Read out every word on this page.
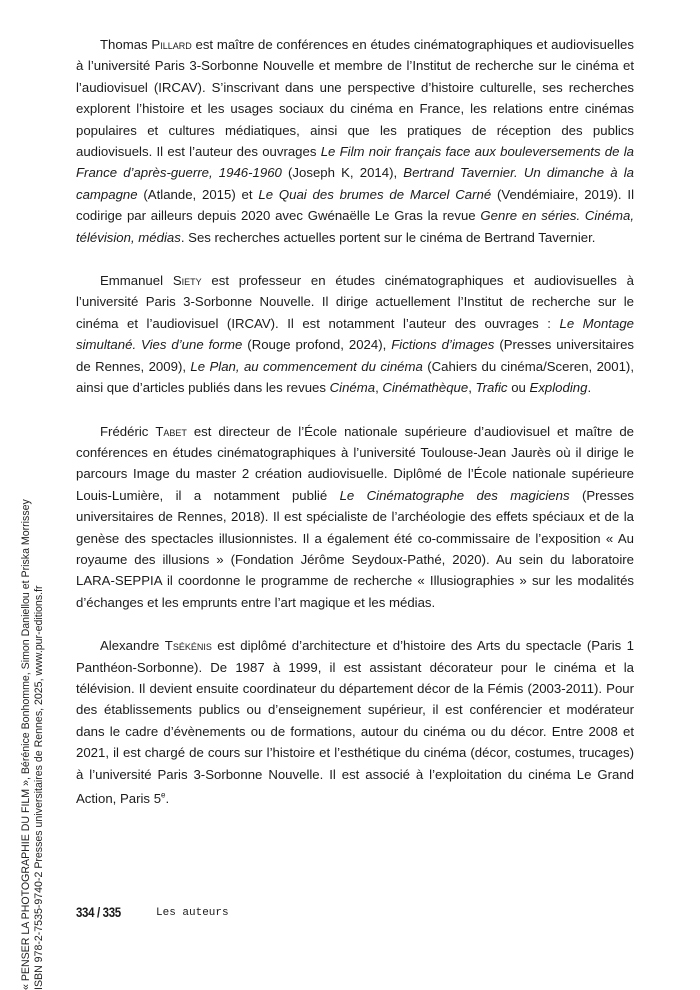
Thomas Pillard est maître de conférences en études cinématographiques et audiovisuelles à l’université Paris 3-Sorbonne Nouvelle et membre de l’Institut de recherche sur le cinéma et l’audiovisuel (IRCAV). S’inscrivant dans une perspective d’histoire culturelle, ses recherches explorent l’histoire et les usages sociaux du cinéma en France, les relations entre cinémas populaires et cultures médiatiques, ainsi que les pratiques de réception des publics audiovisuels. Il est l’auteur des ouvrages Le Film noir français face aux bouleversements de la France d’après-guerre, 1946-1960 (Joseph K, 2014), Bertrand Tavernier. Un dimanche à la campagne (Atlande, 2015) et Le Quai des brumes de Marcel Carné (Vendémiaire, 2019). Il codirige par ailleurs depuis 2020 avec Gwénaëlle Le Gras la revue Genre en séries. Cinéma, télévision, médias. Ses recherches actuelles portent sur le cinéma de Bertrand Tavernier.

Emmanuel Siety est professeur en études cinématographiques et audiovisuelles à l’université Paris 3-Sorbonne Nouvelle. Il dirige actuellement l’Institut de recherche sur le cinéma et l’audiovisuel (IRCAV). Il est notamment l’auteur des ouvrages : Le Montage simultané. Vies d’une forme (Rouge profond, 2024), Fictions d’images (Presses universitaires de Rennes, 2009), Le Plan, au commencement du cinéma (Cahiers du cinéma/Sceren, 2001), ainsi que d’articles publiés dans les revues Cinéma, Cinémathèque, Trafic ou Exploding.

Frédéric Tabet est directeur de l’École nationale supérieure d’audiovisuel et maître de conférences en études cinématographiques à l’université Toulouse-Jean Jaurès où il dirige le parcours Image du master 2 création audiovisuelle. Diplômé de l’École nationale supérieure Louis-Lumière, il a notamment publié Le Cinématographe des magiciens (Presses universitaires de Rennes, 2018). Il est spécialiste de l’archéologie des effets spéciaux et de la genèse des spectacles illusionnistes. Il a également été co-commissaire de l’exposition « Au royaume des illusions » (Fondation Jérôme Seydoux-Pathé, 2020). Au sein du laboratoire LARA-SEPPIA il coordonne le programme de recherche « Illusiographies » sur les modalités d’échanges et les emprunts entre l’art magique et les médias.

Alexandre Tsékénis est diplômé d’architecture et d’histoire des Arts du spectacle (Paris 1 Panthéon-Sorbonne). De 1987 à 1999, il est assistant décorateur pour le cinéma et la télévision. Il devient ensuite coordinateur du département décor de la Fémis (2003-2011). Pour des établissements publics ou d’enseignement supérieur, il est conférencier et modérateur dans le cadre d’évènements ou de formations, autour du cinéma ou du décor. Entre 2008 et 2021, il est chargé de cours sur l’histoire et l’esthétique du cinéma (décor, costumes, trucages) à l’université Paris 3-Sorbonne Nouvelle. Il est associé à l’exploitation du cinéma Le Grand Action, Paris 5e.

334 / 335	Les auteurs
« PENSER LA PHOTOGRAPHIE DU FILM », Bérénice Bonhomme, Simon Daniellou et Priska Morrissey ISBN 978-2-7535-9740-2 Presses universitaires de Rennes, 2025, www.pur-editions.fr
